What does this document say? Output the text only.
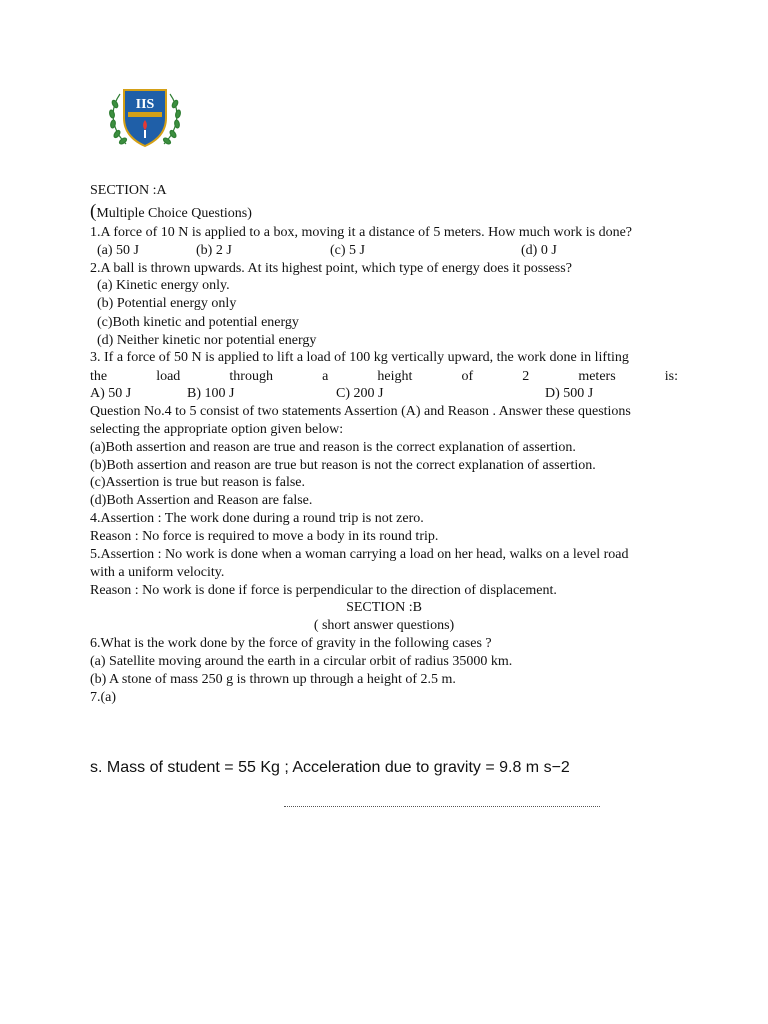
IIS
SECTION :A
(Multiple Choice Questions)
1.A force of 10 N is applied to a box, moving it a distance of 5 meters. How much work is done?
(a) 50 J	(b) 2 J	(c) 5 J	(d) 0 J
2.A ball is thrown upwards. At its highest point, which type of energy does it possess?
(a) Kinetic energy only.
(b) Potential energy only
(c)Both kinetic and potential energy
(d) Neither kinetic nor potential energy
3. If a force of 50 N is applied to lift a load of 100 kg vertically upward, the work done in lifting
the	load	through	a	height	of	2	meters	is:
A) 50 J	B) 100 J	C) 200 J	D) 500 J
Question No.4 to 5 consist of two statements Assertion (A) and Reason . Answer these questions
selecting the appropriate option given below:
(a)Both assertion and reason are true and reason is the correct explanation of assertion.
(b)Both assertion and reason are true but reason is not the correct explanation of assertion.
(c)Assertion is true but reason is false.
(d)Both Assertion and Reason are false.
4.Assertion : The work done during a round trip is not zero.
Reason : No force is required to move a body in its round trip.
5.Assertion : No work is done when a woman carrying a load on her head, walks on a level road
with a uniform velocity.
Reason : No work is done if force is perpendicular to the direction of displacement.
SECTION :B
( short answer questions)
6.What is the work done by the force of gravity in the following cases ?
(a) Satellite moving around the earth in a circular orbit of radius 35000 km.
(b) A stone of mass 250 g is thrown up through a height of 2.5 m.
7.(a)
s. Mass of student = 55 Kg ; Acceleration due to gravity = 9.8 m s−2
